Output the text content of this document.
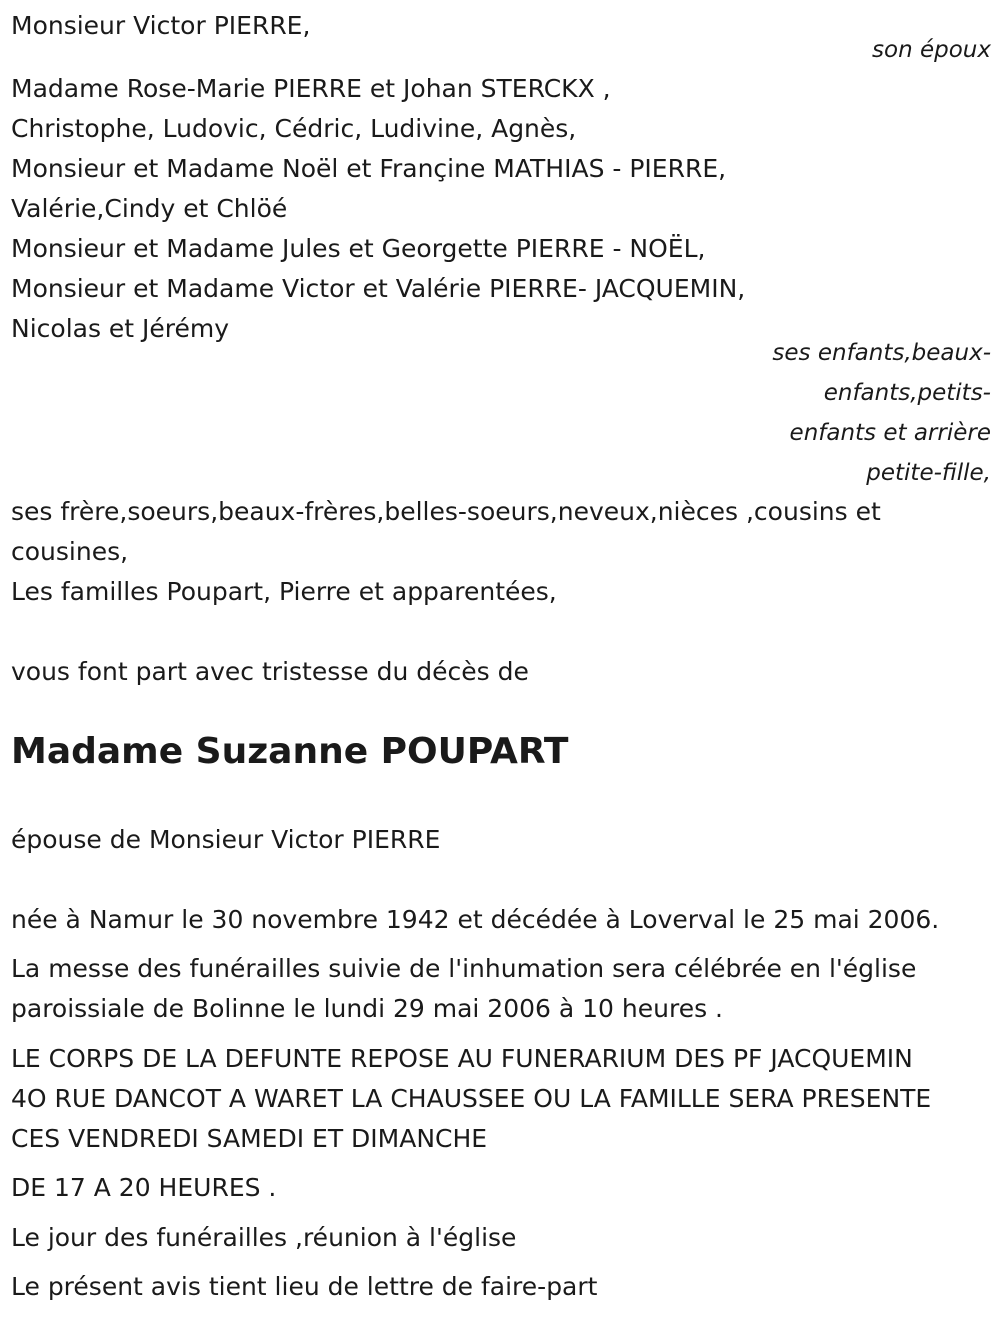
Monsieur Victor PIERRE,
son époux
Madame Rose-Marie PIERRE et Johan STERCKX ,
Christophe, Ludovic, Cédric, Ludivine, Agnès,
Monsieur et Madame Noël et Françine MATHIAS - PIERRE,
Valérie,Cindy et Chlöé
Monsieur et Madame Jules et Georgette PIERRE - NOËL,
Monsieur et Madame Victor et Valérie PIERRE- JACQUEMIN,
Nicolas et Jérémy
ses enfants,beaux-
enfants,petits-
enfants et arrière
petite-fille,
ses frère,soeurs,beaux-frères,belles-soeurs,neveux,nièces ,cousins et
cousines,
Les familles Poupart, Pierre et apparentées,
vous font part avec tristesse du décès de
Madame Suzanne POUPART
épouse de Monsieur Victor PIERRE
née à Namur le 30 novembre 1942 et décédée à Loverval le 25 mai 2006.
La messe des funérailles suivie de l'inhumation sera célébrée en l'église
paroissiale de Bolinne le lundi 29 mai 2006 à 10 heures .
LE CORPS DE LA DEFUNTE REPOSE AU FUNERARIUM DES PF JACQUEMIN
4O RUE DANCOT A WARET LA CHAUSSEE OU LA FAMILLE SERA PRESENTE
CES VENDREDI SAMEDI ET DIMANCHE
DE 17 A 20 HEURES .
Le jour des funérailles ,réunion à l'église
Le présent avis tient lieu de lettre de faire-part
